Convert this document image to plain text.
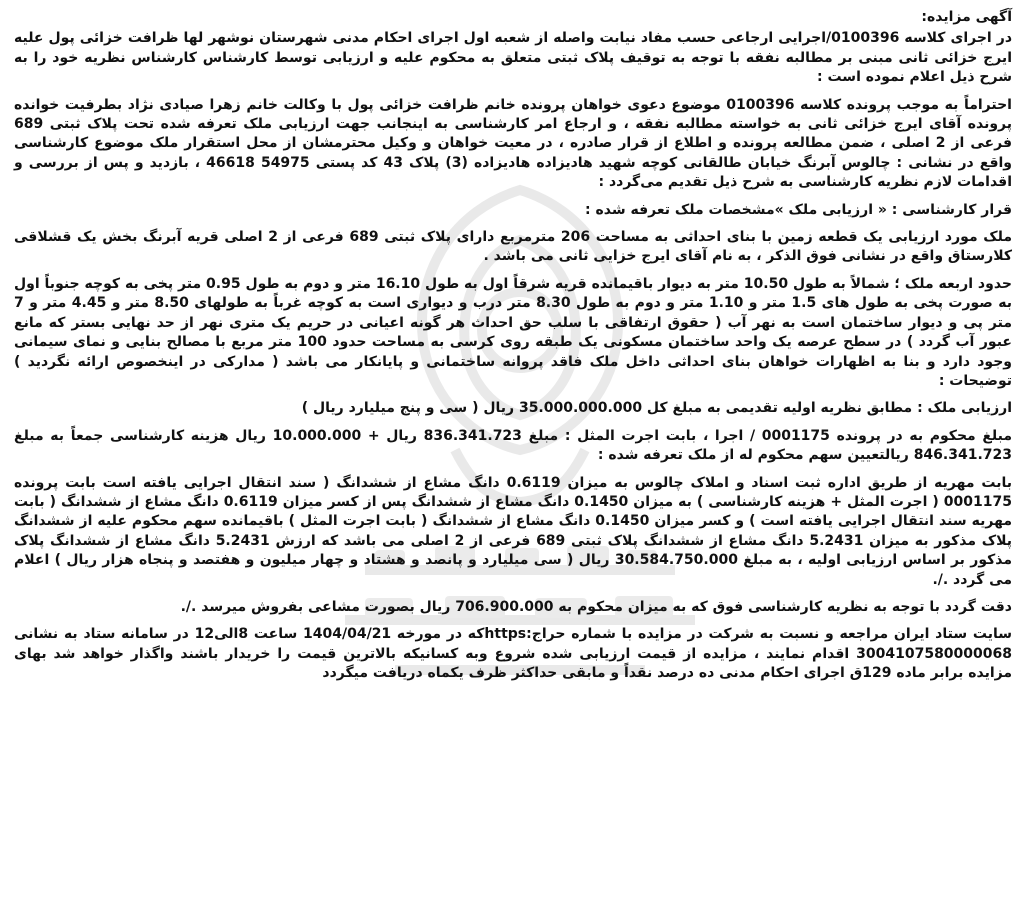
آگهی مزایده:

در اجرای کلاسه 0100396/اجرایی ارجاعی حسب مفاد نیابت واصله از شعبه اول اجرای احکام مدنی شهرستان نوشهر لها ظرافت خزائی پول علیه ایرج خزائی ثانی مبنی بر مطالبه نفقه با توجه به توقیف پلاک ثبتی متعلق به محکوم علیه و ارزیابی توسط کارشناس کارشناس نظریه خود را به شرح ذیل اعلام نموده است :

احتراماً به موجب پرونده کلاسه 0100396 موضوع دعوی خواهان پرونده خانم ظرافت خزائی پول با وکالت خانم زهرا صیادی نژاد بطرفیت خوانده پرونده آقای ایرج خزائی ثانی به خواسته مطالبه نفقه ، و ارجاع امر کارشناسی به اینجانب جهت ارزیابی ملک تعرفه شده تحت پلاک ثبتی 689 فرعی از 2 اصلی ، ضمن مطالعه پرونده و اطلاع از قرار صادره ، در معیت خواهان و وکیل محترمشان از محل استقرار ملک موضوع کارشناسی واقع در نشانی : چالوس آبرنگ خیابان طالقانی کوچه شهید هادیزاده هادیزاده (3) پلاک 43 کد پستی 54975 46618 ، بازدید و پس از بررسی و اقدامات لازم نظریه کارشناسی به شرح ذیل تقدیم می‌گردد :

قرار کارشناسی : « ارزیابی ملک »مشخصات ملک تعرفه شده :

ملک مورد ارزیابی یک قطعه زمین با بنای احداثی به مساحت 206 مترمربع دارای پلاک ثبتی 689 فرعی از 2 اصلی قریه آبرنگ بخش یک قشلاقی کلارستاق واقع در نشانی فوق الذکر ، به نام آقای ایرج خزایی ثانی می باشد .

حدود اربعه ملک ؛ شمالاً به طول 10.50 متر به دیوار باقیمانده قریه شرقاً اول به طول 16.10 متر و دوم به طول 0.95 متر پخی به کوچه جنوباً اول به صورت پخی به طول های 1.5 متر و 1.10 متر و دوم به طول 8.30 متر درب و دیواری است به کوچه غرباً به طولهای 8.50 متر و 4.45 متر و 7 متر پی و دیوار ساختمان است به نهر آب ( حقوق ارتفاقی با سلب حق احداث هر گونه اعیانی در حریم یک متری نهر از حد نهایی بستر که مانع عبور آب گردد ) در سطح عرصه یک واحد ساختمان مسکونی یک طبقه روی کرسی به مساحت حدود 100 متر مربع با مصالح بنایی و نمای سیمانی وجود دارد و بنا به اظهارات خواهان بنای احداثی داخل ملک فاقد پروانه ساختمانی و پایانکار می باشد ( مدارکی در اینخصوص ارائه نگردید ) توضیحات :

ارزیابی ملک : مطابق نظریه اولیه تقدیمی به مبلغ کل 35.000.000.000 ریال ( سی و پنج میلیارد ریال )

مبلغ محکوم به در پرونده 0001175 / اجرا ، بابت اجرت المثل : مبلغ 836.341.723 ریال + 10.000.000 ریال هزینه کارشناسی جمعاً به مبلغ 846.341.723 ریالتعیین سهم محکوم له از ملک تعرفه شده :

بابت مهریه از طریق اداره ثبت اسناد و املاک چالوس به میزان 0.6119 دانگ مشاع از ششدانگ ( سند انتقال اجرایی یافته است بابت پرونده 0001175 ( اجرت المثل + هزینه کارشناسی ) به میزان 0.1450 دانگ مشاع از ششدانگ پس از کسر میزان 0.6119 دانگ مشاع از ششدانگ ( بابت مهریه سند انتقال اجرایی یافته است ) و کسر میزان 0.1450 دانگ مشاع از ششدانگ ( بابت اجرت المثل ) باقیمانده سهم محکوم علیه از ششدانگ پلاک مذکور به میزان 5.2431 دانگ مشاع از ششدانگ پلاک ثبتی 689 فرعی از 2 اصلی می باشد که ارزش 5.2431 دانگ مشاع از ششدانگ پلاک مذکور بر اساس ارزیابی اولیه ، به مبلغ 30.584.750.000 ریال ( سی میلیارد و پانصد و هشتاد و چهار میلیون و هفتصد و پنجاه هزار ریال ) اعلام می گردد ./.

دقت گردد با توجه به نظریه کارشناسی فوق که به میزان محکوم به 706.900.000 ریال بصورت مشاعی بفروش میرسد ./.

سایت ستاد ایران مراجعه و نسبت به شرکت در مزایده با شماره حراج:httpsکه در مورخه 1404/04/21 ساعت 8الی12 در سامانه ستاد به نشانی 3004107580000068 اقدام نمایند ، مزایده از قیمت ارزیابی شده شروع وبه کسانیکه بالاترین قیمت را خریدار باشند واگذار خواهد شد بهای مزایده برابر ماده 129ق اجرای احکام مدنی ده درصد نقداً و مابقی حداکثر ظرف یکماه دریافت میگردد
